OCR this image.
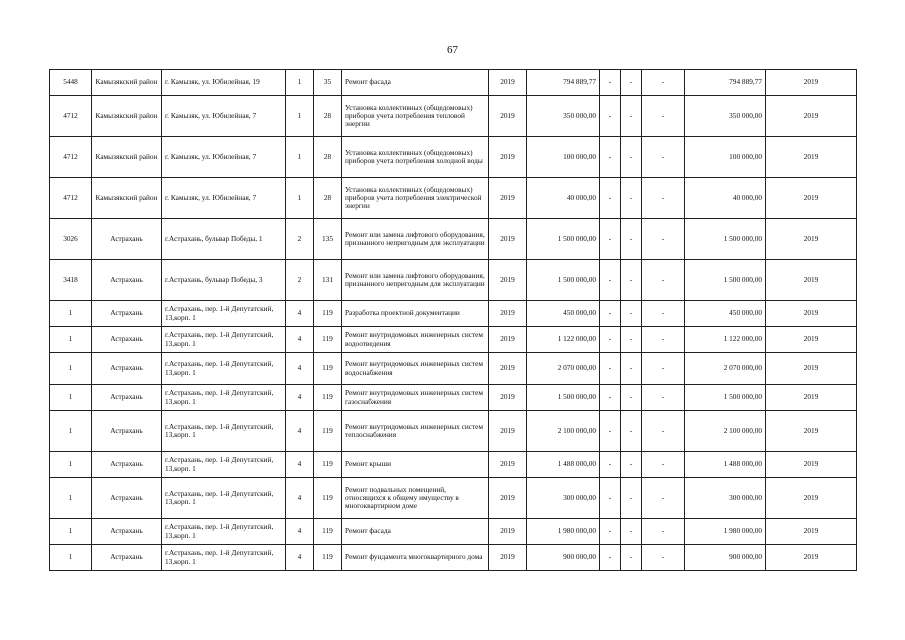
67
5448	Камызякский район	г. Камызяк, ул. Юбилейная, 19	1	35	Ремонт фасада	2019	794 889,77	-	-	-	794 889,77	2019
4712	Камызякский район	г. Камызяк, ул. Юбилейная, 7	1	28	Установка коллективных (общедомовых) приборов учета потребления тепловой энергии	2019	350 000,00	-	-	-	350 000,00	2019
4712	Камызякский район	г. Камызяк, ул. Юбилейная, 7	1	28	Установка коллективных (общедомовых) приборов учета потребления холодной воды	2019	100 000,00	-	-	-	100 000,00	2019
4712	Камызякский район	г. Камызяк, ул. Юбилейная, 7	1	28	Установка коллективных (общедомовых) приборов учета потребления электрической энергии	2019	40 000,00	-	-	-	40 000,00	2019
3026	Астрахань	г.Астрахань, бульвар Победы, 1	2	135	Ремонт или замена лифтового оборудования, признанного непригодным для эксплуатации	2019	1 500 000,00	-	-	-	1 500 000,00	2019
3418	Астрахань	г.Астрахань, бульвар Победы, 3	2	131	Ремонт или замена лифтового оборудования, признанного непригодным для эксплуатации	2019	1 500 000,00	-	-	-	1 500 000,00	2019
1	Астрахань	г.Астрахань, пер. 1-й Депутатский, 13,корп. 1	4	119	Разработка проектной документации	2019	450 000,00	-	-	-	450 000,00	2019
1	Астрахань	г.Астрахань, пер. 1-й Депутатский, 13,корп. 1	4	119	Ремонт внутридомовых инженерных систем водоотведения	2019	1 122 000,00	-	-	-	1 122 000,00	2019
1	Астрахань	г.Астрахань, пер. 1-й Депутатский, 13,корп. 1	4	119	Ремонт внутридомовых инженерных систем водоснабжения	2019	2 070 000,00	-	-	-	2 070 000,00	2019
1	Астрахань	г.Астрахань, пер. 1-й Депутатский, 13,корп. 1	4	119	Ремонт внутридомовых инженерных систем газоснабжения	2019	1 500 000,00	-	-	-	1 500 000,00	2019
1	Астрахань	г.Астрахань, пер. 1-й Депутатский, 13,корп. 1	4	119	Ремонт внутридомовых инженерных систем теплоснабжения	2019	2 100 000,00	-	-	-	2 100 000,00	2019
1	Астрахань	г.Астрахань, пер. 1-й Депутатский, 13,корп. 1	4	119	Ремонт крыши	2019	1 488 000,00	-	-	-	1 488 000,00	2019
1	Астрахань	г.Астрахань, пер. 1-й Депутатский, 13,корп. 1	4	119	Ремонт подвальных помещений, относящихся к общему имуществу в многоквартирном доме	2019	300 000,00	-	-	-	300 000,00	2019
1	Астрахань	г.Астрахань, пер. 1-й Депутатский, 13,корп. 1	4	119	Ремонт фасада	2019	1 980 000,00	-	-	-	1 980 000,00	2019
1	Астрахань	г.Астрахань, пер. 1-й Депутатский, 13,корп. 1	4	119	Ремонт фундамента многоквартирного дома	2019	900 000,00	-	-	-	900 000,00	2019
